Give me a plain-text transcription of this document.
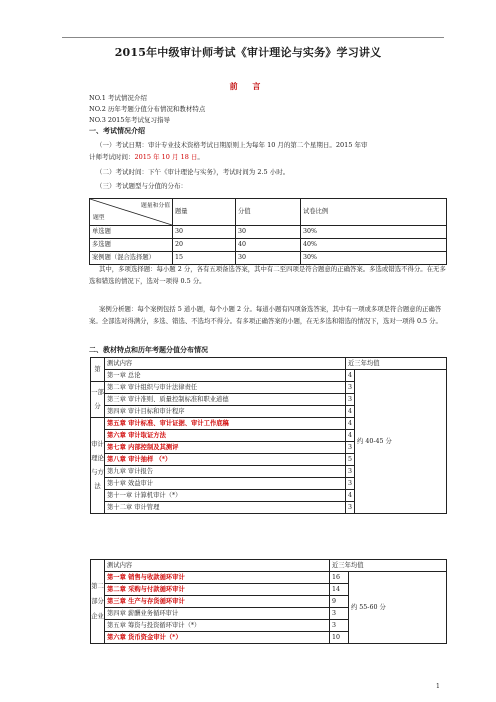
2015年中级审计师考试《审计理论与实务》学习讲义
前 言
NO.1 考试情况介绍
NO.2 历年考题分值分布情况和教材特点
NO.3 2015年考试复习指导
一、考试情况介绍
（一）考试日期：审计专业技术资格考试日期原则上为每年 10 月的第二个星期日。2015 年审
计师考试时间：2015 年 10 月 18 日。
（二）考试时间：下午《审计理论与实务》，考试时间为 2.5 小时。
（三）考试题型与分值的分布：
题量和分值
题型	题量	分值	试卷比例
单选题	30	30	30%
多选题	20	40	40%
案例题（混合选择题）	15	30	30%
其中，多项选择题：每小题 2 分，各有五项备选答案，其中有二至四项是符合题意的正确答案。多选或错选不得分。在无多选和错选的情况下，选对一项得 0.5 分。
案例分析题：每个案例包括 5 道小题，每个小题 2 分。每道小题有四项备选答案，其中有一项或多项是符合题意的正确答案。全部选对得满分，多选、错选、不选均不得分。有多项正确答案的小题，在无多选和错选的情况下，选对一项得 0.5 分。
二、教材特点和历年考题分值分布情况
第	测试内容	近三年均值	
	第一章 总论	4	约 40-45 分
一部分	第二章 审计组织与审计法律责任	3	
	第三章 审计准则、质量控制标准和职业道德	3	
	第四章 审计目标和审计程序	4	
审计理论与方法	第五章 审计标准、审计证据、审计工作底稿	4	
	第六章 审计取证方法	4	
	第七章 内部控制及其测评	3	
	第八章 审计抽样 （*）	5	
	第九章 审计报告	3	
	第十章 效益审计	3	
	第十一章 计算机审计（*）	4	
	第十二章 审计管理	3	
第二部分企业	测试内容	近三年均值	
	第一章 销售与收款循环审计	16	约 55-60 分
	第二章 采购与付款循环审计	14	
	第三章 生产与存货循环审计	9	
	第四章 薪酬业务循环审计	3	
	第五章 筹资与投资循环审计（*）	3	
	第六章 货币资金审计（*）	10	
1
